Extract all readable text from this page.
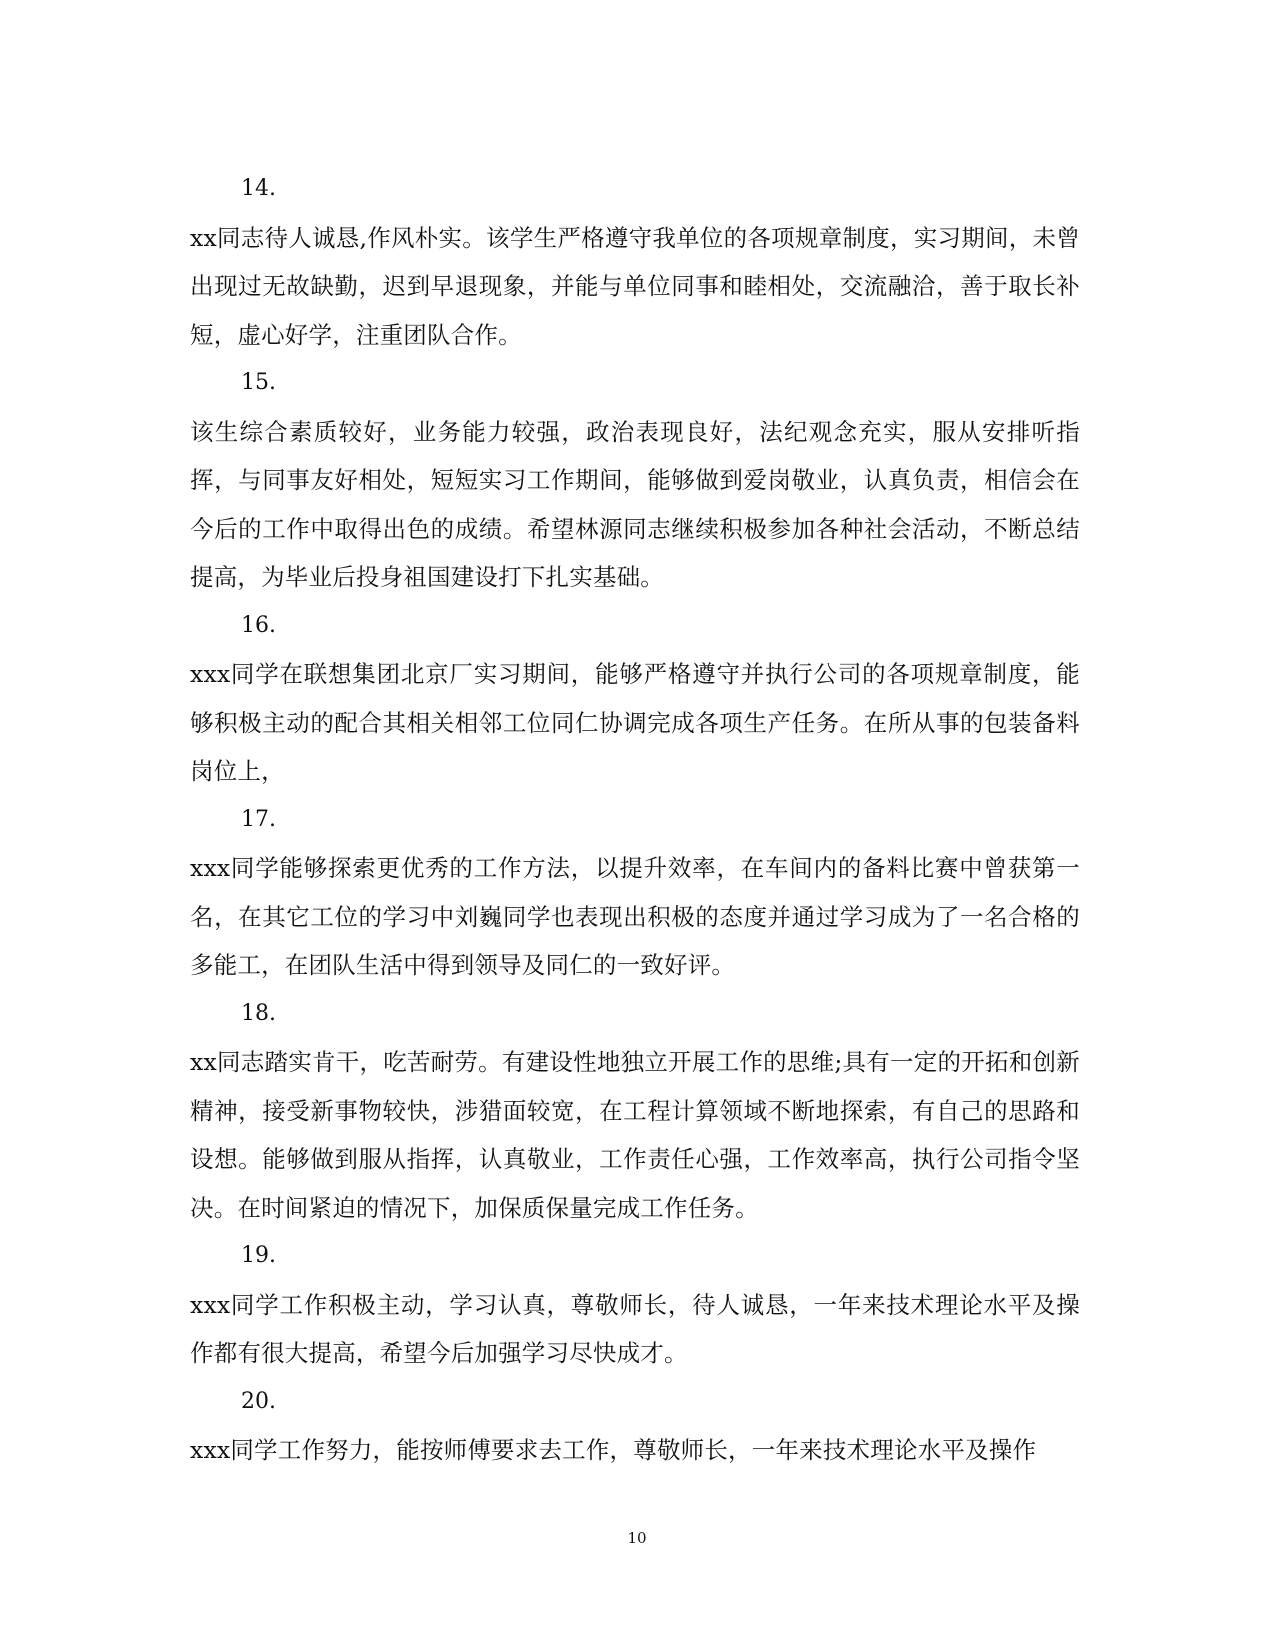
14.
xx同志待人诚恳,作风朴实。该学生严格遵守我单位的各项规章制度，实习期间，未曾出现过无故缺勤，迟到早退现象，并能与单位同事和睦相处，交流融洽，善于取长补短，虚心好学，注重团队合作。
15.
该生综合素质较好，业务能力较强，政治表现良好，法纪观念充实，服从安排听指挥，与同事友好相处，短短实习工作期间，能够做到爱岗敬业，认真负责，相信会在今后的工作中取得出色的成绩。希望林源同志继续积极参加各种社会活动，不断总结提高，为毕业后投身祖国建设打下扎实基础。
16.
xxx同学在联想集团北京厂实习期间，能够严格遵守并执行公司的各项规章制度，能够积极主动的配合其相关相邻工位同仁协调完成各项生产任务。在所从事的包装备料岗位上，
17.
xxx同学能够探索更优秀的工作方法，以提升效率，在车间内的备料比赛中曾获第一名，在其它工位的学习中刘巍同学也表现出积极的态度并通过学习成为了一名合格的多能工，在团队生活中得到领导及同仁的一致好评。
18.
xx同志踏实肯干，吃苦耐劳。有建设性地独立开展工作的思维;具有一定的开拓和创新精神，接受新事物较快，涉猎面较宽，在工程计算领域不断地探索，有自己的思路和设想。能够做到服从指挥，认真敬业，工作责任心强，工作效率高，执行公司指令坚决。在时间紧迫的情况下，加保质保量完成工作任务。
19.
xxx同学工作积极主动，学习认真，尊敬师长，待人诚恳，一年来技术理论水平及操作都有很大提高，希望今后加强学习尽快成才。
20.
xxx同学工作努力，能按师傅要求去工作，尊敬师长，一年来技术理论水平及操作
10
